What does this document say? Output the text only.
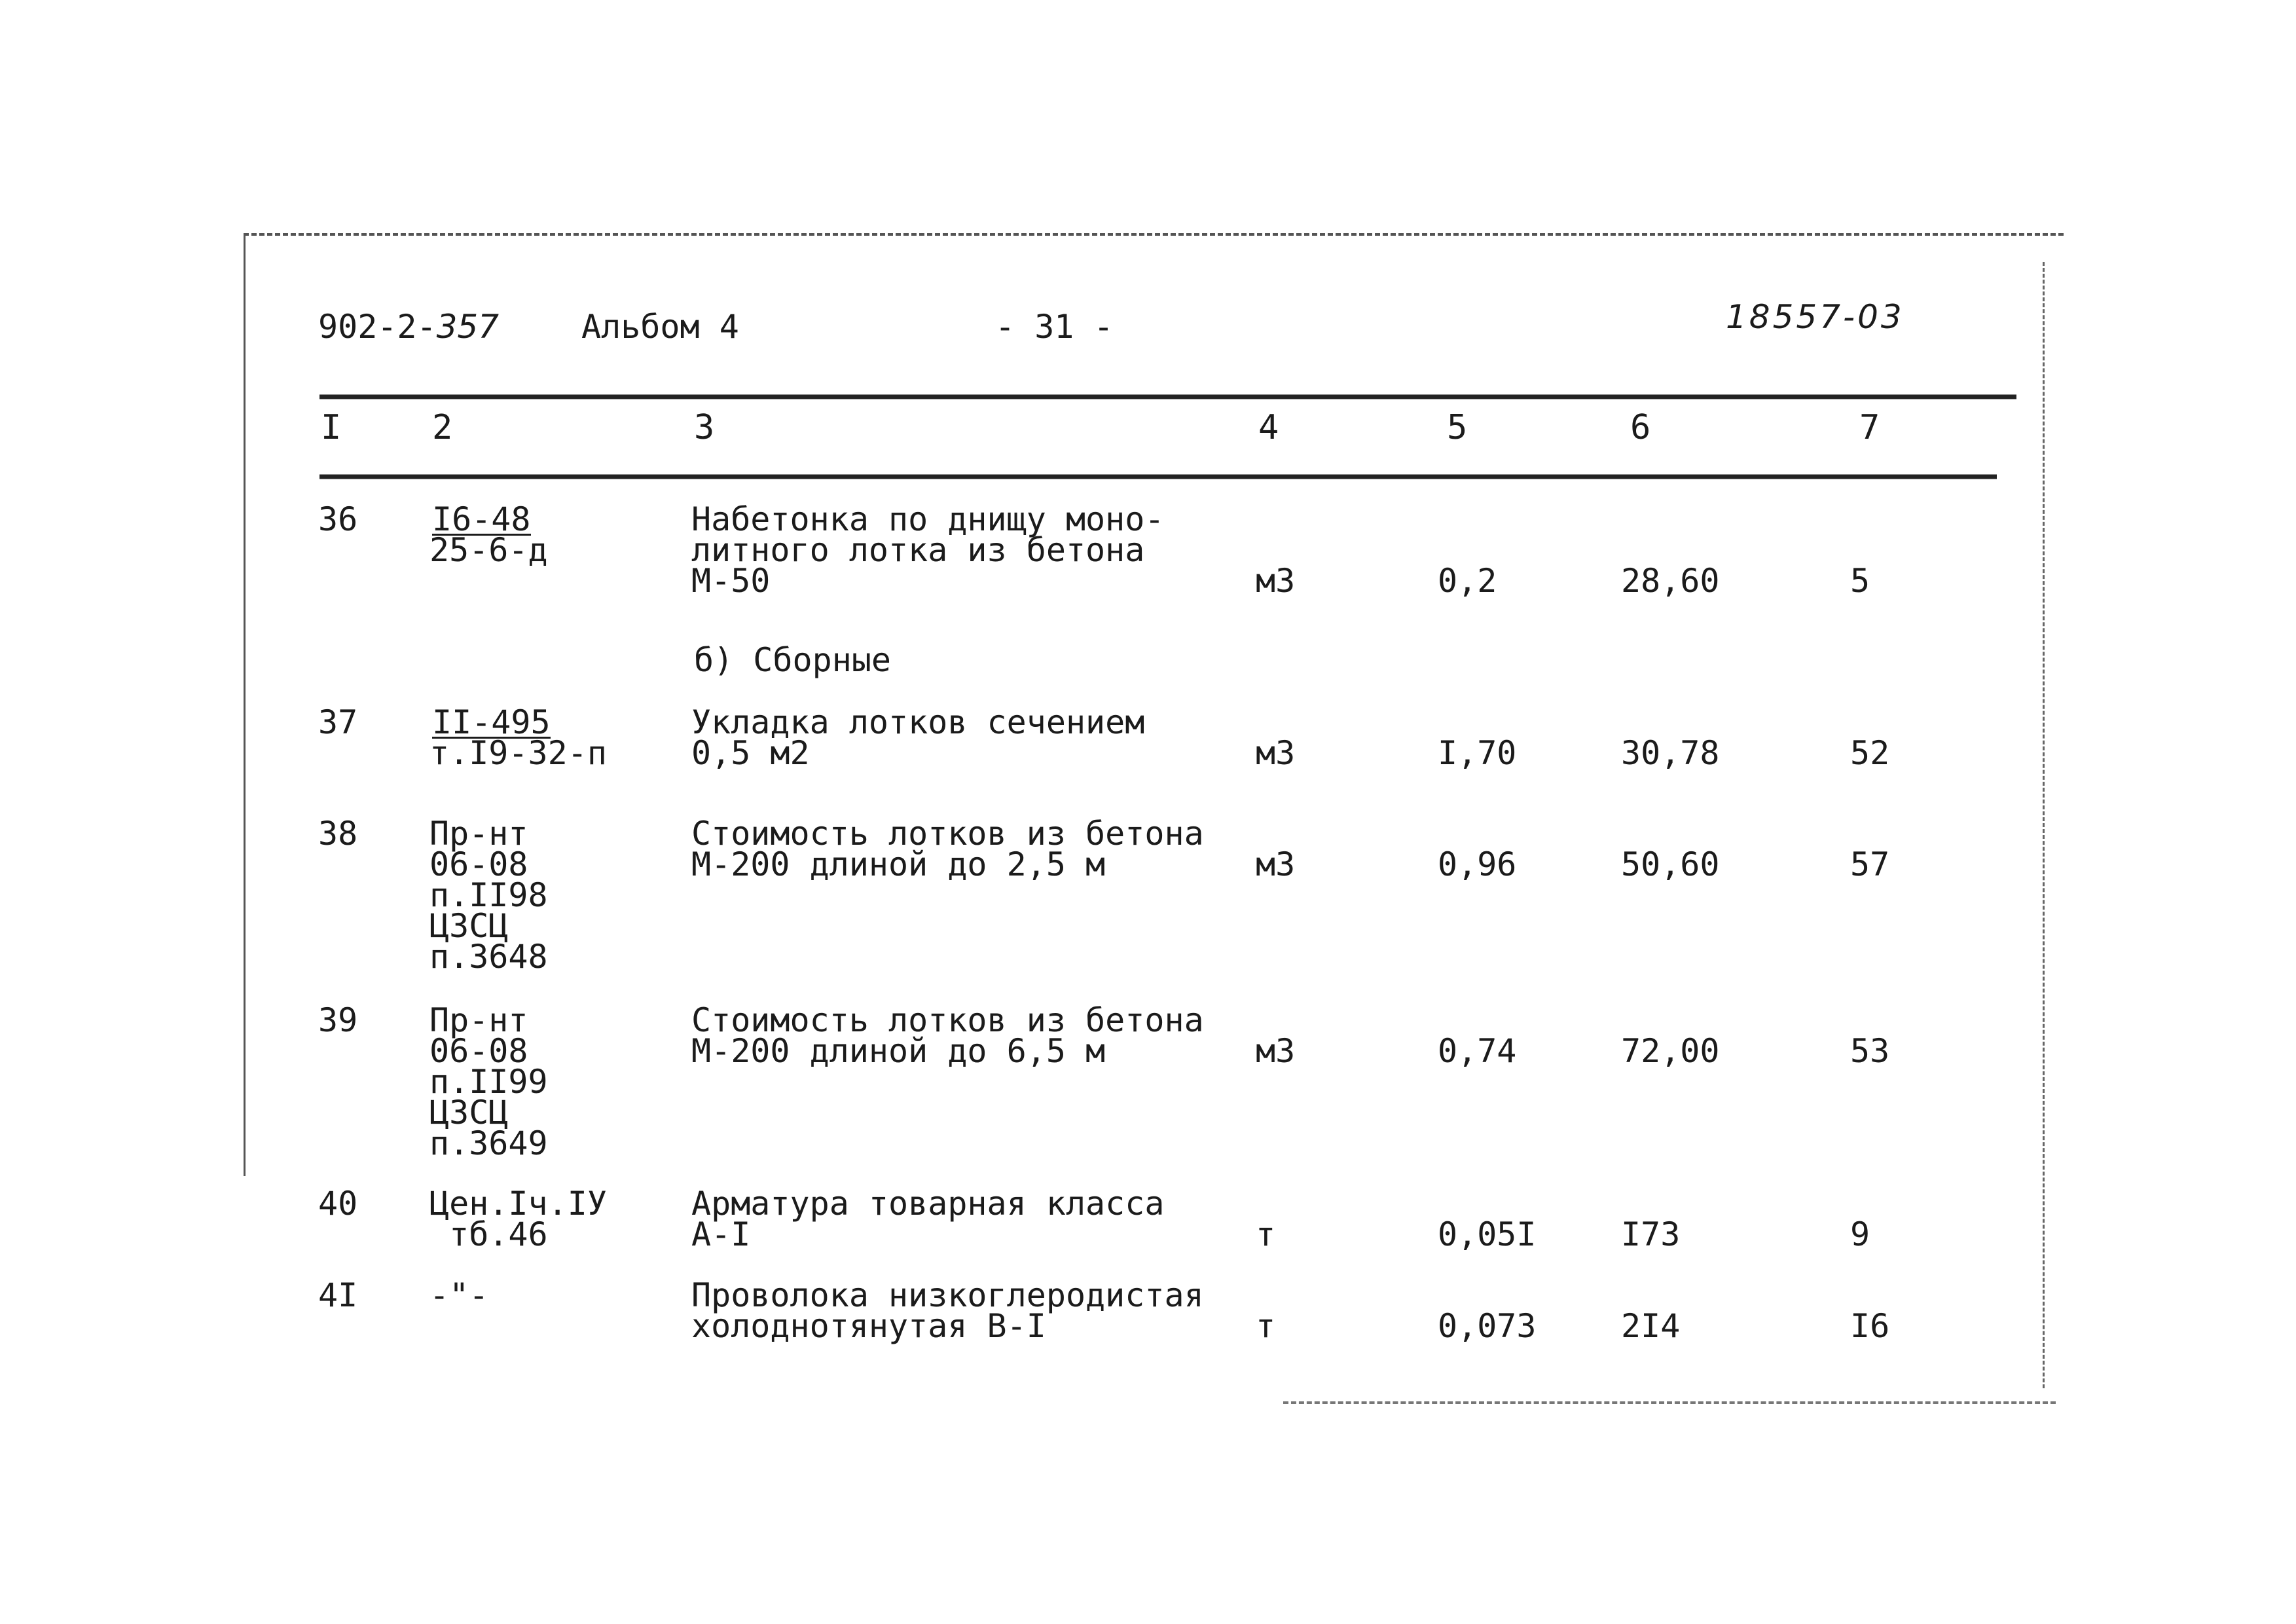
902-2-357	Альбом 4	- 31 -	18557-03
I	2	3	4	5	6	7
36 I6-48
25-6-д
Набетонка по днищу моно-
литного лотка из бетона
М-50	м3	0,2	28,60	5
б) Сборные
37 II-495
т.I9-32-п
Укладка лотков сечением
0,5 м2	м3	I,70	30,78	52
38 Пр-нт
06-08
п.II98
ЦЗСЦ
п.3648
Стоимость лотков из бетона
М-200 длиной до 2,5 м	м3	0,96	50,60	57
39 Пр-нт
06-08
п.II99
ЦЗСЦ
п.3649
Стоимость лотков из бетона
М-200 длиной до 6,5 м	м3	0,74	72,00	53
40 Цен.Iч.IУ
тб.46
Арматура товарная класса
А-I	т	0,05I	I73	9
4I -"-	Проволока низкоглеродистая
холоднотянутая В-I	т	0,073	2I4	I6
